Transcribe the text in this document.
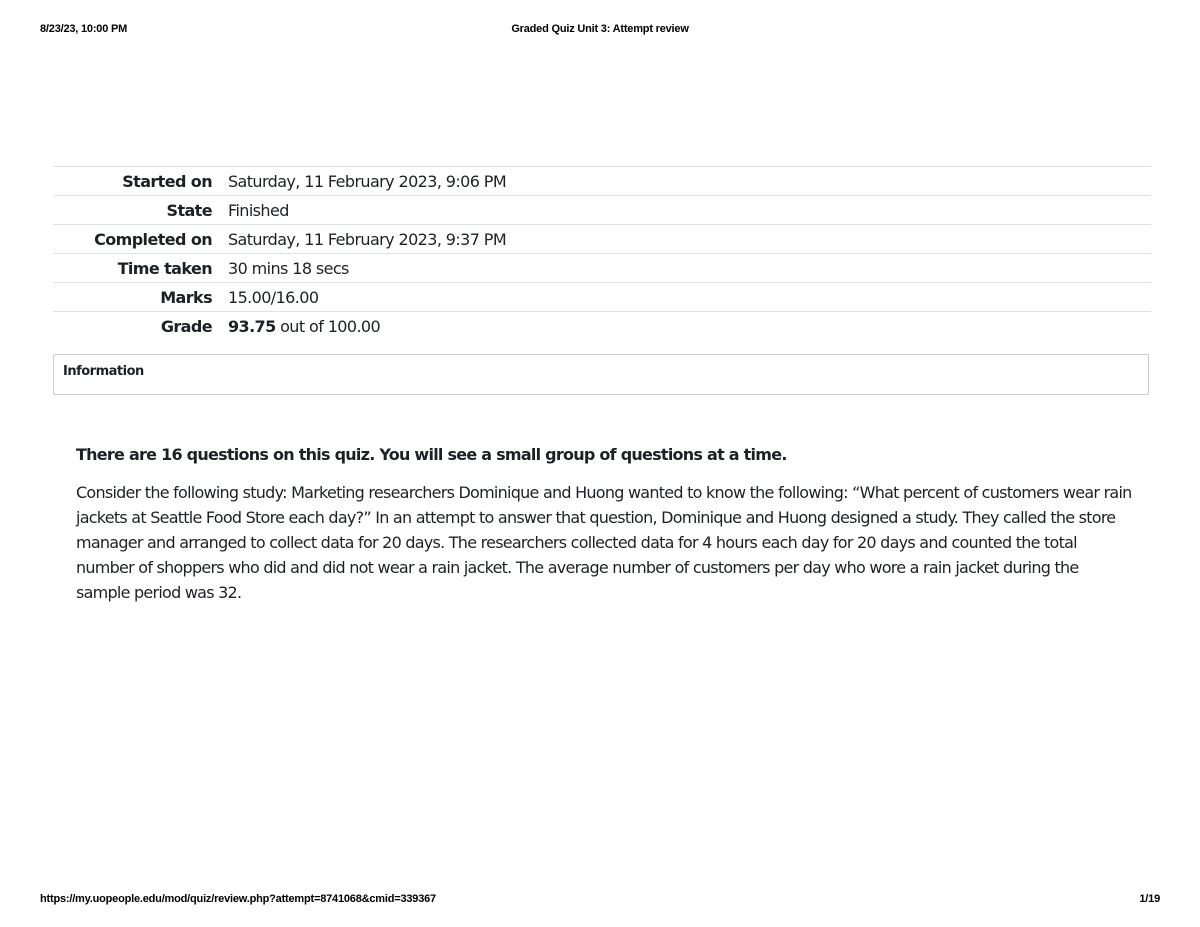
8/23/23, 10:00 PM	Graded Quiz Unit 3: Attempt review
Started on	Saturday, 11 February 2023, 9:06 PM
State	Finished
Completed on	Saturday, 11 February 2023, 9:37 PM
Time taken	30 mins 18 secs
Marks	15.00/16.00
Grade	93.75 out of 100.00
Information

There are 16 questions on this quiz. You will see a small group of questions at a time.

Consider the following study: Marketing researchers Dominique and Huong wanted to know the following: “What percent of customers wear rain jackets at Seattle Food Store each day?” In an attempt to answer that question, Dominique and Huong designed a study. They called the store manager and arranged to collect data for 20 days. The researchers collected data for 4 hours each day for 20 days and counted the total number of shoppers who did and did not wear a rain jacket. The average number of customers per day who wore a rain jacket during the sample period was 32.

https://my.uopeople.edu/mod/quiz/review.php?attempt=8741068&cmid=339367	1/19
